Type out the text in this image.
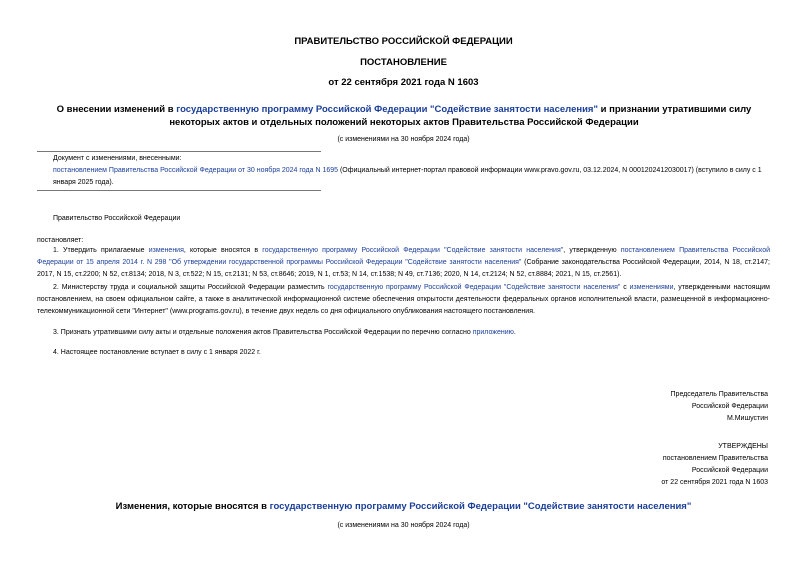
ПРАВИТЕЛЬСТВО РОССИЙСКОЙ ФЕДЕРАЦИИ
ПОСТАНОВЛЕНИЕ
от 22 сентября 2021 года N 1603
О внесении изменений в государственную программу Российской Федерации "Содействие занятости населения" и признании утратившими силу некоторых актов и отдельных положений некоторых актов Правительства Российской Федерации
(с изменениями на 30 ноября 2024 года)
Документ с изменениями, внесенными:
постановлением Правительства Российской Федерации от 30 ноября 2024 года N 1695 (Официальный интернет-портал правовой информации www.pravo.gov.ru, 03.12.2024, N 0001202412030017) (вступило в силу с 1 января 2025 года).
Правительство Российской Федерации
постановляет:
1. Утвердить прилагаемые изменения, которые вносятся в государственную программу Российской Федерации "Содействие занятости населения", утвержденную постановлением Правительства Российской Федерации от 15 апреля 2014 г. N 298 "Об утверждении государственной программы Российской Федерации "Содействие занятости населения" (Собрание законодательства Российской Федерации, 2014, N 18, ст.2147; 2017, N 15, ст.2200; N 52, ст.8134; 2018, N 3, ст.522; N 15, ст.2131; N 53, ст.8646; 2019, N 1, ст.53; N 14, ст.1538; N 49, ст.7136; 2020, N 14, ст.2124; N 52, ст.8884; 2021, N 15, ст.2561).
2. Министерству труда и социальной защиты Российской Федерации разместить государственную программу Российской Федерации "Содействие занятости населения" с изменениями, утвержденными настоящим постановлением, на своем официальном сайте, а также в аналитической информационной системе обеспечения открытости деятельности федеральных органов исполнительной власти, размещенной в информационно-телекоммуникационной сети "Интернет" (www.programs.gov.ru), в течение двух недель со дня официального опубликования настоящего постановления.
3. Признать утратившими силу акты и отдельные положения актов Правительства Российской Федерации по перечню согласно приложению.
4. Настоящее постановление вступает в силу с 1 января 2022 г.
Председатель Правительства
Российской Федерации
М.Мишустин
УТВЕРЖДЕНЫ
постановлением Правительства
Российской Федерации
от 22 сентября 2021 года N 1603
Изменения, которые вносятся в государственную программу Российской Федерации "Содействие занятости населения"
(с изменениями на 30 ноября 2024 года)
